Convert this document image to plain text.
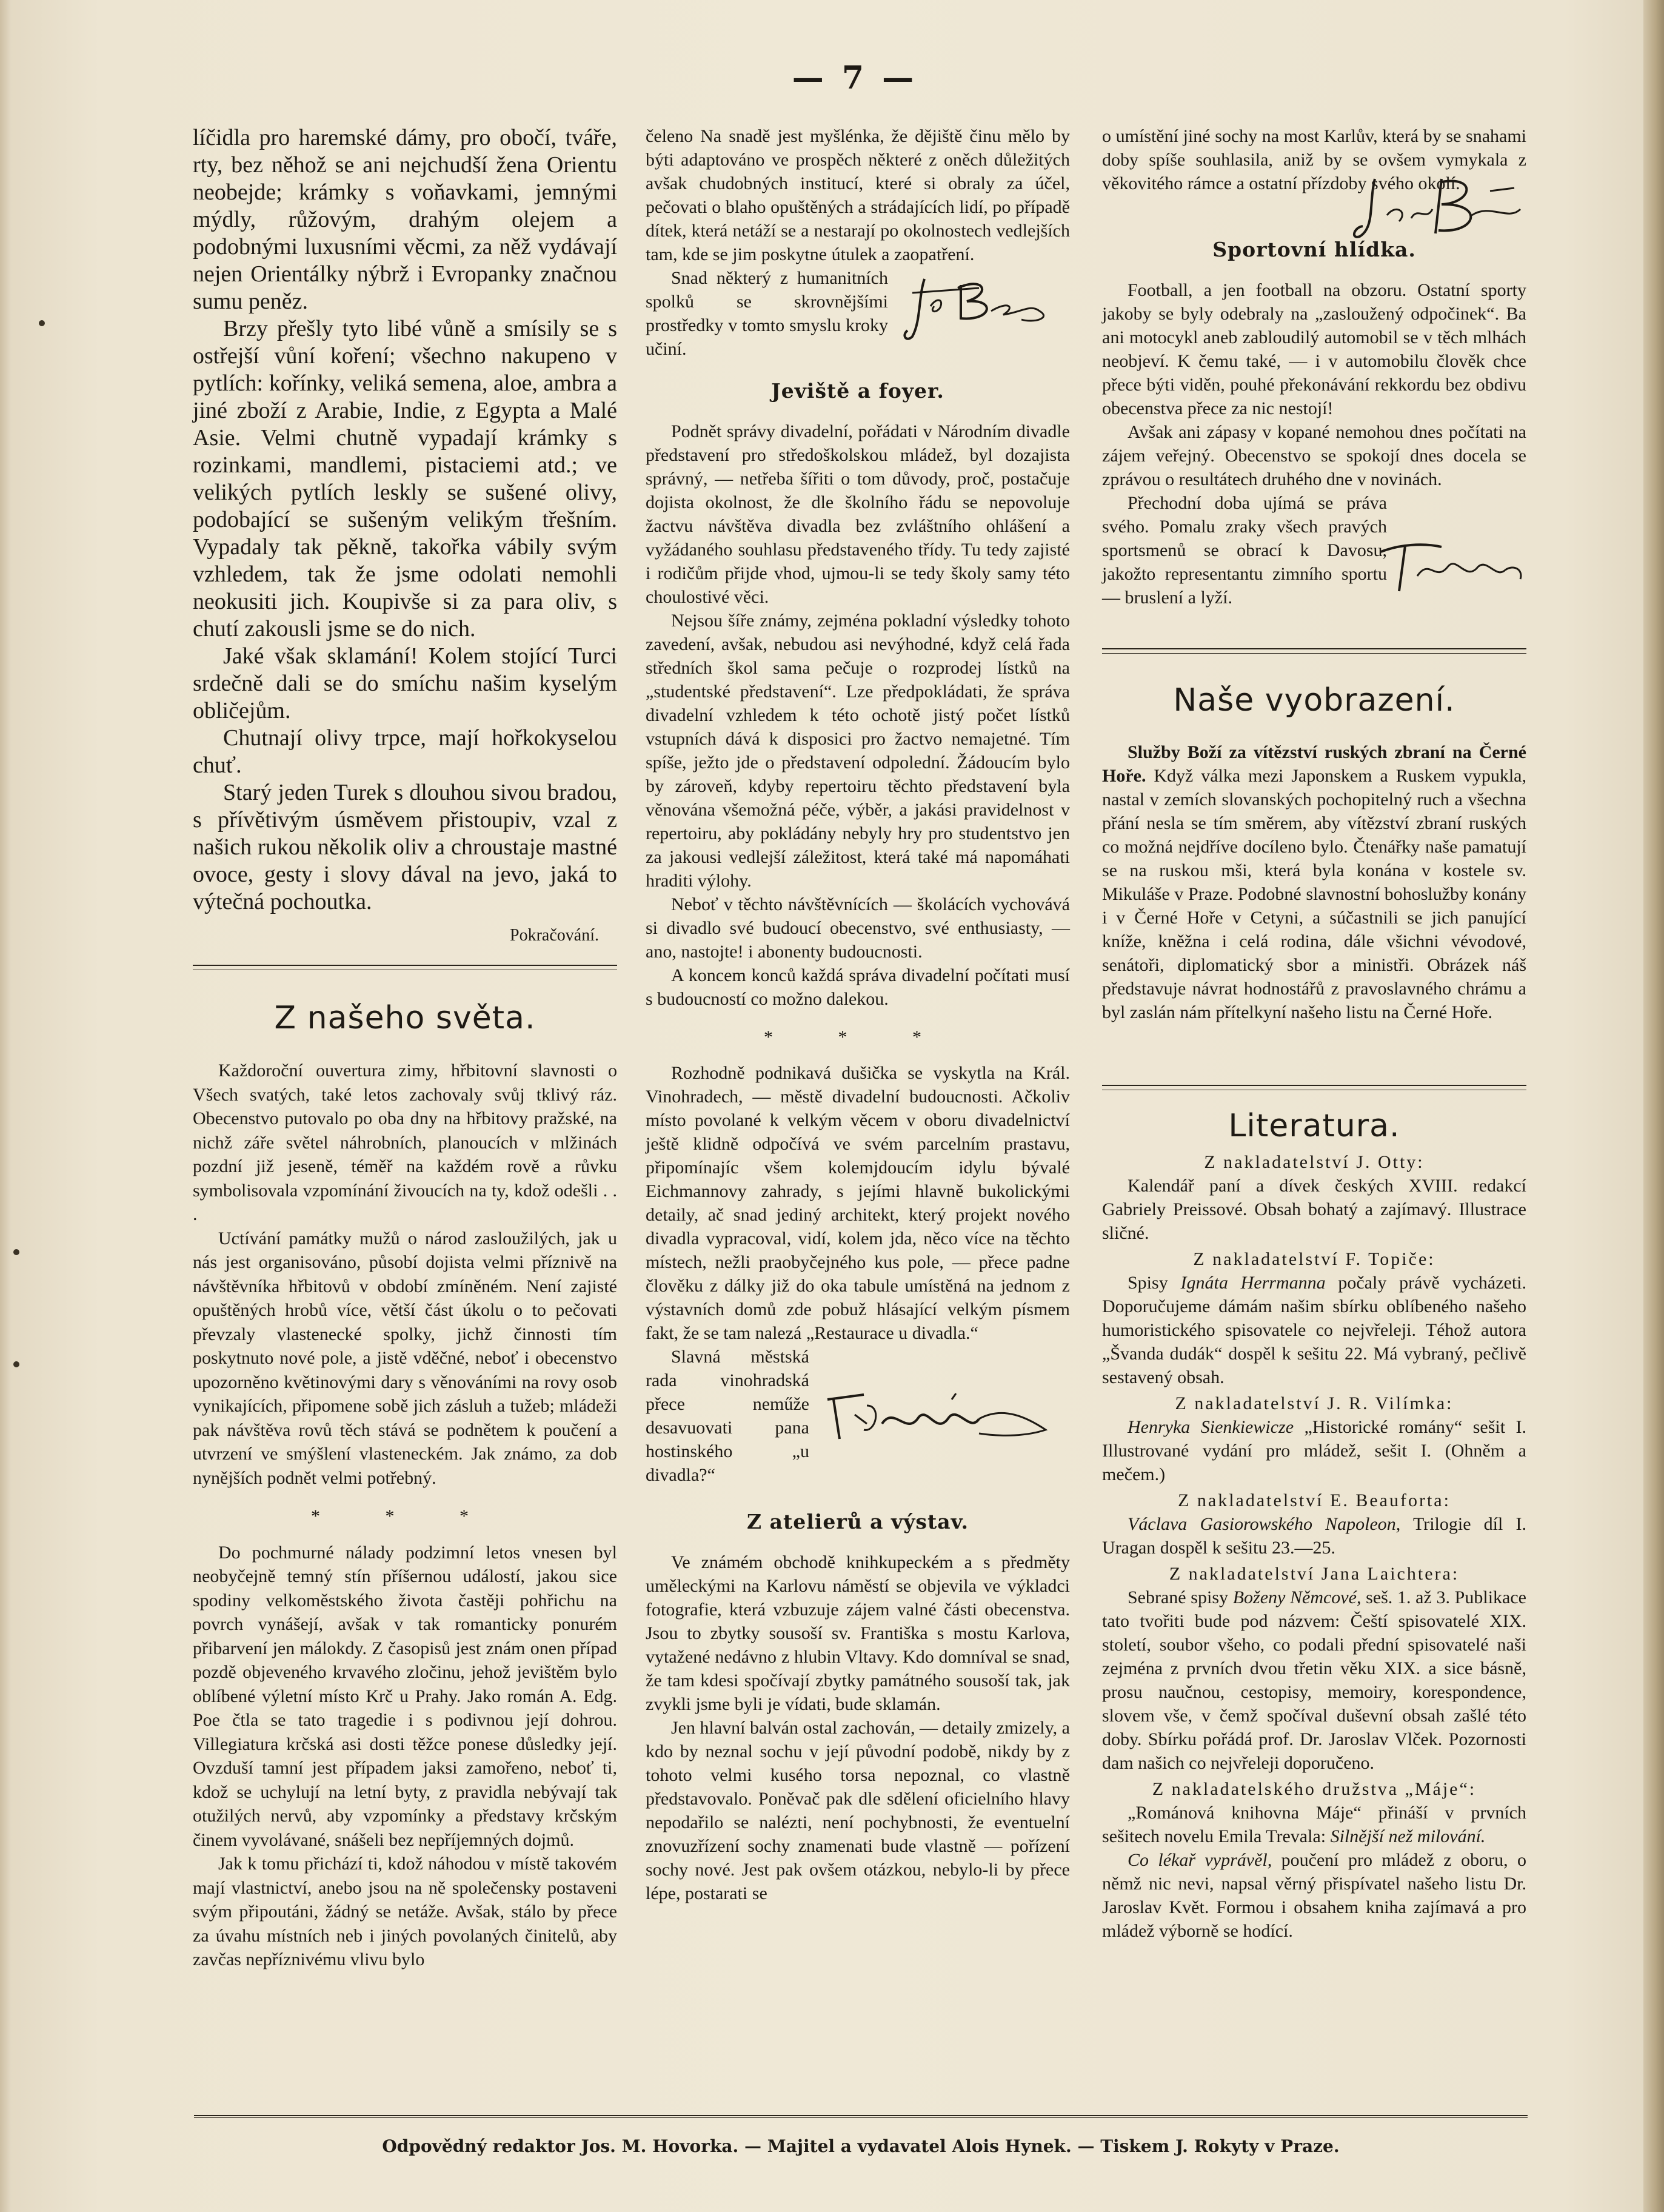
— 7 —

líčidla pro haremské dámy, pro obočí, tváře, rty, bez něhož se ani nejchudší žena Orientu neobejde; krámky s voňavkami, jemnými mýdly, růžovým, drahým olejem a podobnými luxusními věcmi, za něž vydávají nejen Orientálky nýbrž i Evropanky značnou sumu peněz.

Brzy přešly tyto libé vůně a smísily se s ostřejší vůní koření; všechno nakupeno v pytlích: kořínky, veliká semena, aloe, ambra a jiné zboží z Arabie, Indie, z Egypta a Malé Asie. Velmi chutně vypadají krámky s rozinkami, mandlemi, pistaciemi atd.; ve velikých pytlích leskly se sušené olivy, podobající se sušeným velikým třešním. Vypadaly tak pěkně, takořka vábily svým vzhledem, tak že jsme odolati nemohli neokusiti jich. Koupivše si za para oliv, s chutí zakousli jsme se do nich.

Jaké však sklamání! Kolem stojící Turci srdečně dali se do smíchu našim kyselým obličejům.

Chutnají olivy trpce, mají hořkokyselou chuť.

Starý jeden Turek s dlouhou sivou bradou, s přívětivým úsměvem přistoupiv, vzal z našich rukou několik oliv a chroustaje mastné ovoce, gesty i slovy dával na jevo, jaká to výtečná pochoutka.

Pokračování.
Z našeho světa.

Každoroční ouvertura zimy, hřbitovní slavnosti o Všech svatých, také letos zachovaly svůj tklivý ráz. Obecenstvo putovalo po oba dny na hřbitovy pražské, na nichž záře světel náhrobních, planoucích v mlžinách pozdní již jeseně, téměř na každém rově a růvku symbolisovala vzpomínání živoucích na ty, kdož odešli . . .

Uctívání památky mužů o národ zasloužilých, jak u nás jest organisováno, působí dojista velmi příznivě na návštěvníka hřbitovů v období zmíněném. Není zajisté opuštěných hrobů více, větší část úkolu o to pečovati převzaly vlastenecké spolky, jichž činnosti tím poskytnuto nové pole, a jistě vděčné, neboť i obecenstvo upozorněno květinovými dary s věnováními na rovy osob vynikajících, připomene sobě jich zásluh a tužeb; mládeži pak návštěva rovů těch stává se podnětem k poučení a utvrzení ve smýšlení vlasteneckém. Jak známo, za dob nynějších podnět velmi potřebný.

* * *

Do pochmurné nálady podzimní letos vnesen byl neobyčejně temný stín příšernou událostí, jakou sice spodiny velkoměstského života častěji pohřichu na povrch vynášejí, avšak v tak romanticky ponurém přibarvení jen málokdy. Z časopisů jest znám onen případ pozdě objeveného krvavého zločinu, jehož jevištěm bylo oblíbené výletní místo Krč u Prahy. Jako román A. Edg. Poe čtla se tato tragedie i s podivnou její dohrou. Villegiatura krčská asi dosti těžce ponese důsledky její. Ovzduší tamní jest případem jaksi zamořeno, neboť ti, kdož se uchylují na letní byty, z pravidla nebývají tak otužilých nervů, aby vzpomínky a představy krčským činem vyvolávané, snášeli bez nepříjemných dojmů.

Jak k tomu přichází ti, kdož náhodou v místě takovém mají vlastnictví, anebo jsou na ně společensky postaveni svým připoutáni, žádný se netáže. Avšak, stálo by přece za úvahu místních neb i jiných povolaných činitelů, aby zavčas nepříznivému vlivu bylo

čeleno Na snadě jest myšlénka, že dějiště činu mělo by býti adaptováno ve prospěch některé z oněch důležitých avšak chudobných institucí, které si obraly za účel, pečovati o blaho opuštěných a strádajících lidí, po případě dítek, která netáží se a nestarají po okolnostech vedlejších tam, kde se jim poskytne útulek a zaopatření.

Snad některý z humanitních spolků se skrovnějšími prostředky v tomto smyslu kroky učiní.

Jeviště a foyer.

Podnět správy divadelní, pořádati v Národním divadle představení pro středoškolskou mládež, byl dozajista správný, — netřeba šířiti o tom důvody, proč, postačuje dojista okolnost, že dle školního řádu se nepovoluje žactvu návštěva divadla bez zvláštního ohlášení a vyžádaného souhlasu představeného třídy. Tu tedy zajisté i rodičům přijde vhod, ujmou-li se tedy školy samy této choulostivé věci.

Nejsou šíře známy, zejména pokladní výsledky tohoto zavedení, avšak, nebudou asi nevýhodné, když celá řada středních škol sama pečuje o rozprodej lístků na „studentské představení“. Lze předpokládati, že správa divadelní vzhledem k této ochotě jistý počet lístků vstupních dává k disposici pro žactvo nemajetné. Tím spíše, ježto jde o představení odpolední. Žádoucím bylo by zároveň, kdyby repertoiru těchto představení byla věnována všemožná péče, výběr, a jakási pravidelnost v repertoiru, aby pokládány nebyly hry pro studentstvo jen za jakousi vedlejší záležitost, která také má napomáhati hraditi výlohy.

Neboť v těchto návštěvnících — školácích vychovává si divadlo své budoucí obecenstvo, své enthusiasty, — ano, nastojte! i abonenty budoucnosti.

A koncem konců každá správa divadelní počítati musí s budoucností co možno dalekou.

* * *

Rozhodně podnikavá dušička se vyskytla na Král. Vinohradech, — městě divadelní budoucnosti. Ačkoliv místo povolané k velkým věcem v oboru divadelnictví ještě klidně odpočívá ve svém parcelním prastavu, připomínajíc všem kolemjdoucím idylu bývalé Eichmannovy zahrady, s jejími hlavně bukolickými detaily, ač snad jediný architekt, který projekt nového divadla vypracoval, vidí, kolem jda, něco více na těchto místech, nežli praobyčejného kus pole, — přece padne člověku z dálky již do oka tabule umístěná na jednom z výstavních domů zde pobuž hlásající velkým písmem fakt, že se tam nalezá „Restaurace u divadla.“

Slavná městská rada vinohradská přece neműže desavuovati pana hostinského „u divadla?“

Z atelierů a výstav.

Ve známém obchodě knihkupeckém a s předměty uměleckými na Karlovu náměstí se objevila ve výkladci fotografie, která vzbuzuje zájem valné části obecenstva. Jsou to zbytky sousoší sv. Františka s mostu Karlova, vytažené nedávno z hlubin Vltavy. Kdo domníval se snad, že tam kdesi spočívají zbytky památného sousoší tak, jak zvykli jsme byli je vídati, bude sklamán.

Jen hlavní balván ostal zachován, — detaily zmizely, a kdo by neznal sochu v její původní podobě, nikdy by z tohoto velmi kusého torsa nepoznal, co vlastně představovalo. Poněvač pak dle sdělení oficielního hlavy nepodařilo se nalézti, není pochybnosti, že eventuelní znovuzřízení sochy znamenati bude vlastně — pořízení sochy nové. Jest pak ovšem otázkou, nebylo-li by přece lépe, postarati se

o umístění jiné sochy na most Karlův, která by se snahami doby spíše souhlasila, aniž by se ovšem vymykala z věkovitého rámce a ostatní přízdoby svého okolí.

Sportovní hlídka.

Football, a jen football na obzoru. Ostatní sporty jakoby se byly odebraly na „zasloužený odpočinek“. Ba ani motocykl aneb zabloudilý automobil se v těch mlhách neobjeví. K čemu také, — i v automobilu člověk chce přece býti viděn, pouhé překonávání rekkordu bez obdivu obecenstva přece za nic nestojí!

Avšak ani zápasy v kopané nemohou dnes počítati na zájem veřejný. Obecenstvo se spokojí dnes docela se zprávou o resultátech druhého dne v novinách.

Přechodní doba ujímá se práva svého. Pomalu zraky všech pravých sportsmenů se obrací k Davosu, jakožto representantu zimního sportu — bruslení a lyží.

Naše vyobrazení.

Služby Boží za vítězství ruských zbraní na Černé Hoře. Když válka mezi Japonskem a Ruskem vypukla, nastal v zemích slovanských pochopitelný ruch a všechna přání nesla se tím směrem, aby vítězství zbraní ruských co možná nejdříve docíleno bylo. Čtenářky naše pamatují se na ruskou mši, která byla konána v kostele sv. Mikuláše v Praze. Podobné slavnostní bohoslužby konány i v Černé Hoře v Cetyni, a súčastnili se jich panující kníže, kněžna i celá rodina, dále všichni vévodové, senátoři, diplomatický sbor a ministři. Obrázek náš představuje návrat hodnostářů z pravoslavného chrámu a byl zaslán nám přítelkyní našeho listu na Černé Hoře.

Literatura.
Z nakladatelství J. Otty:

Kalendář paní a dívek českých XVIII. redakcí Gabriely Preissové. Obsah bohatý a zajímavý. Illustrace sličné.

Z nakladatelství F. Topiče:

Spisy Ignáta Herrmanna počaly právě vycházeti. Doporučujeme dámám našim sbírku oblíbeného našeho humoristického spisovatele co nejvřeleji. Téhož autora „Švanda dudák“ dospěl k sešitu 22. Má vybraný, pečlivě sestavený obsah.

Z nakladatelství J. R. Vilímka:

Henryka Sienkiewicze „Historické romány“ sešit I. Illustrované vydání pro mládež, sešit I. (Ohněm a mečem.)

Z nakladatelství E. Beauforta:

Václava Gasiorowského Napoleon, Trilogie díl I. Uragan dospěl k sešitu 23.—25.

Z nakladatelství Jana Laichtera:

Sebrané spisy Boženy Němcové, seš. 1. až 3. Publikace tato tvořiti bude pod názvem: Čeští spisovatelé XIX. století, soubor všeho, co podali přední spisovatelé naši zejména z prvních dvou třetin věku XIX. a sice básně, prosu naučnou, cestopisy, memoiry, korespondence, slovem vše, v čemž spočíval duševní obsah zašlé této doby. Sbírku pořádá prof. Dr. Jaroslav Vlček. Pozornosti dam našich co nejvřeleji doporučeno.

Z nakladatelského družstva „Máje“:

„Románová knihovna Máje“ přináší v prvních sešitech novelu Emila Trevala: Silnější než milování.

Co lékař vyprávěl, poučení pro mládež z oboru, o němž nic nevi, napsal věrný přispívatel našeho listu Dr. Jaroslav Květ. Formou i obsahem kniha zajímavá a pro mládež výborně se hodící.

Odpovědný redaktor Jos. M. Hovorka. — Majitel a vydavatel Alois Hynek. — Tiskem J. Rokyty v Praze.
